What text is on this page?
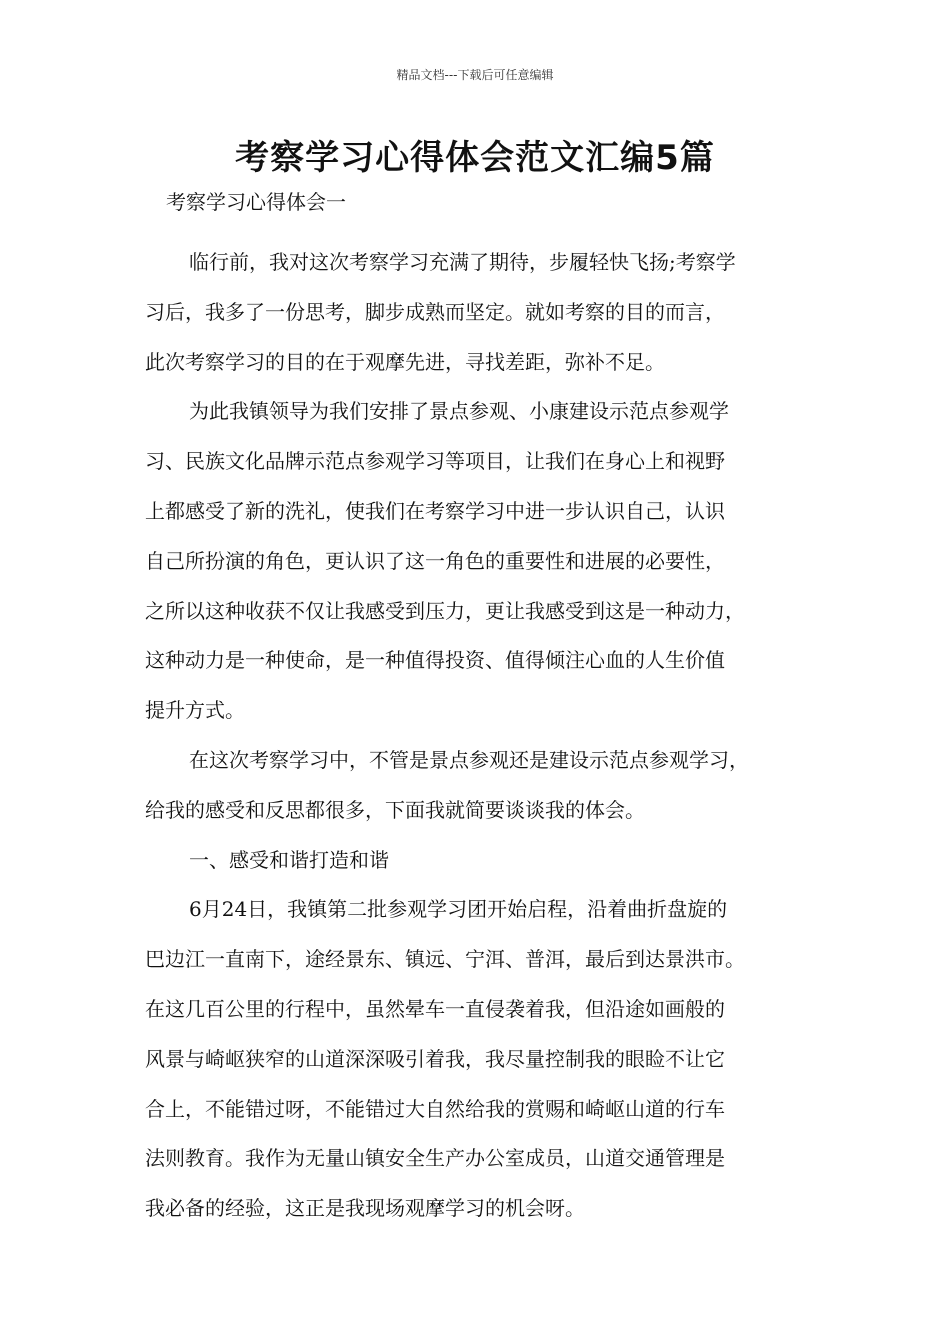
精品文档---下载后可任意编辑
考察学习心得体会范文汇编5篇
考察学习心得体会一
临行前，我对这次考察学习充满了期待，步履轻快飞扬;考察学
习后，我多了一份思考，脚步成熟而坚定。就如考察的目的而言，
此次考察学习的目的在于观摩先进，寻找差距，弥补不足。
为此我镇领导为我们安排了景点参观、小康建设示范点参观学
习、民族文化品牌示范点参观学习等项目，让我们在身心上和视野
上都感受了新的洗礼，使我们在考察学习中进一步认识自己，认识
自己所扮演的角色，更认识了这一角色的重要性和进展的必要性，
之所以这种收获不仅让我感受到压力，更让我感受到这是一种动力，
这种动力是一种使命，是一种值得投资、值得倾注心血的人生价值
提升方式。
在这次考察学习中，不管是景点参观还是建设示范点参观学习，
给我的感受和反思都很多，下面我就简要谈谈我的体会。
一、感受和谐打造和谐
6月24日，我镇第二批参观学习团开始启程，沿着曲折盘旋的
巴边江一直南下，途经景东、镇远、宁洱、普洱，最后到达景洪市。
在这几百公里的行程中，虽然晕车一直侵袭着我，但沿途如画般的
风景与崎岖狭窄的山道深深吸引着我，我尽量控制我的眼睑不让它
合上，不能错过呀，不能错过大自然给我的赏赐和崎岖山道的行车
法则教育。我作为无量山镇安全生产办公室成员，山道交通管理是
我必备的经验，这正是我现场观摩学习的机会呀。
